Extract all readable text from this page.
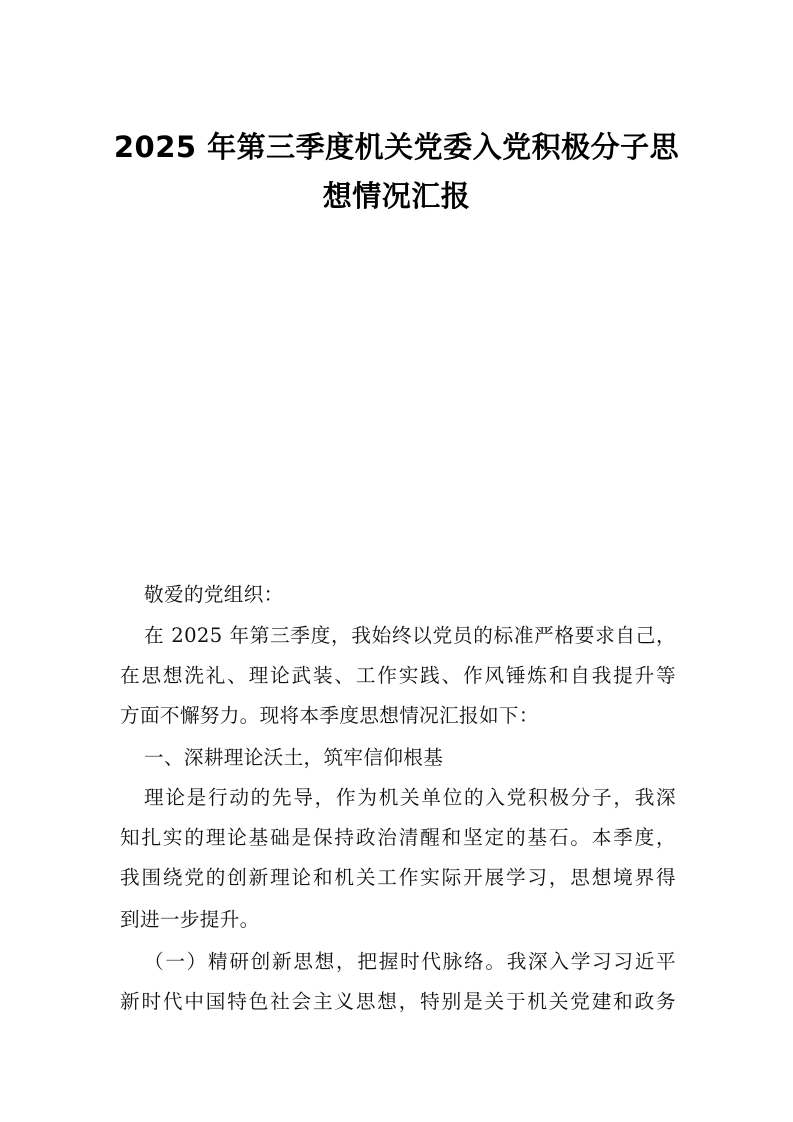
2025 年第三季度机关党委入党积极分子思
想情况汇报

敬爱的党组织：

在 2025 年第三季度，我始终以党员的标准严格要求自己，

在思想洗礼、理论武装、工作实践、作风锤炼和自我提升等

方面不懈努力。现将本季度思想情况汇报如下：

一、深耕理论沃土，筑牢信仰根基

理论是行动的先导，作为机关单位的入党积极分子，我深

知扎实的理论基础是保持政治清醒和坚定的基石。本季度，

我围绕党的创新理论和机关工作实际开展学习，思想境界得

到进一步提升。

（一）精研创新思想，把握时代脉络。我深入学习习近平

新时代中国特色社会主义思想，特别是关于机关党建和政务
